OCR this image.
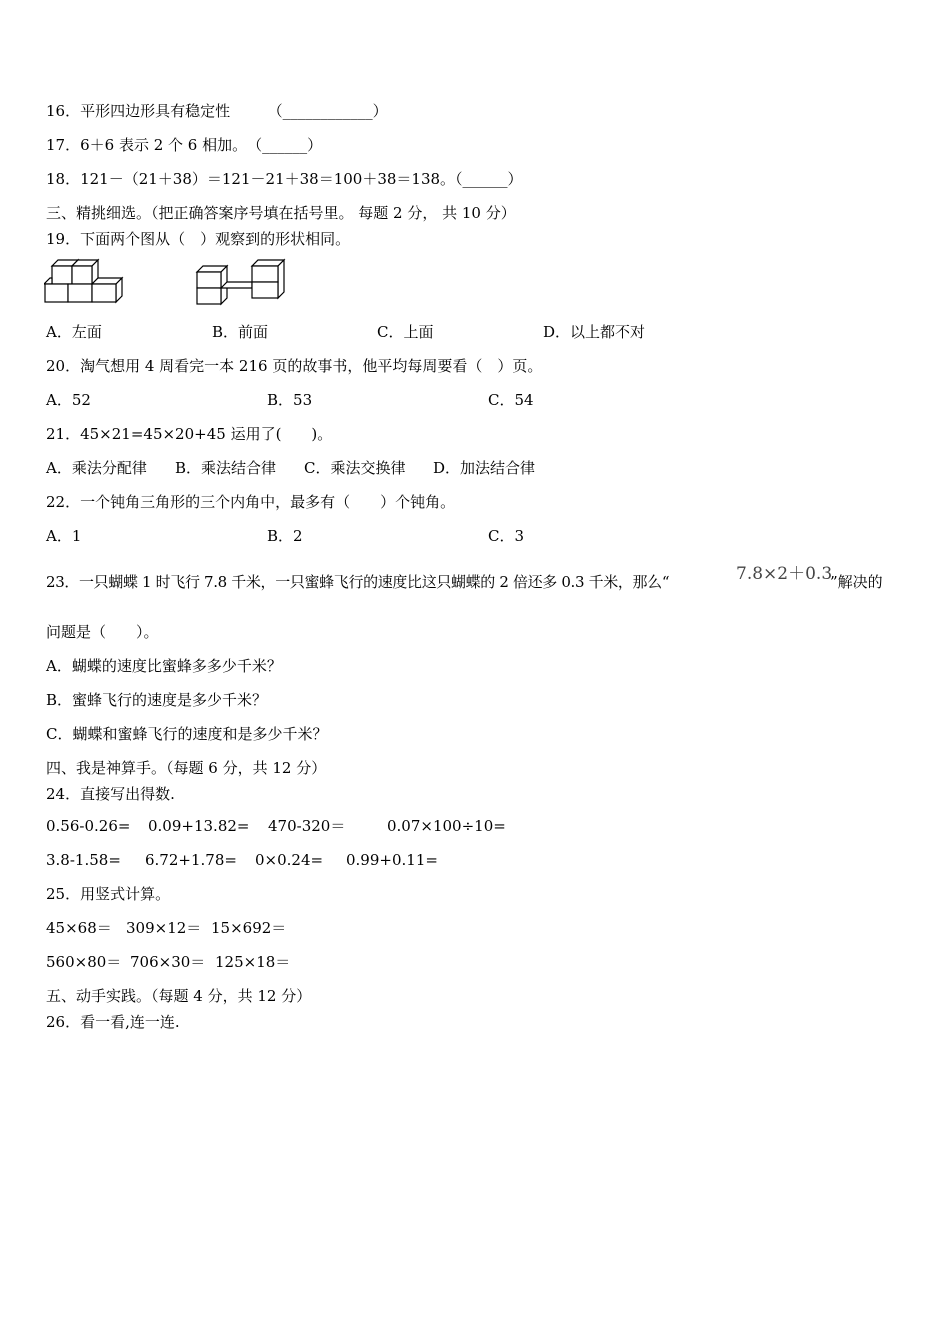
16．平形四边形具有稳定性　　　（____________）
17．6＋6 表示 2 个 6 相加。　（______）
18．121－（21＋38）＝121－21＋38＝100＋38＝138。（______）
三、精挑细选。（把正确答案序号填在括号里。 每题 2 分， 共 10 分）
19．下面两个图从（　）观察到的形状相同。
A．左面	B．前面	C．上面	D．以上都不对
20．淘气想用 4 周看完一本 216 页的故事书，他平均每周要看（　）页。
A．52	B．53	C．54
21．45×21=45×20+45 运用了(　　)。
A．乘法分配律 B．乘法结合律 C．乘法交换律 D．加法结合律
22．一个钝角三角形的三个内角中，最多有（　　）个钝角。
A．1	B．2	C．3
23．一只蝴蝶 1 时飞行 7.8 千米，一只蜜蜂飞行的速度比这只蝴蝶的 2 倍还多 0.3 千米，那么“	7.8×2＋0.3
”解决的
问题是（　　）。
A．蝴蝶的速度比蜜蜂多多少千米？
B．蜜蜂飞行的速度是多少千米？
C．蝴蝶和蜜蜂飞行的速度和是多少千米？
四、我是神算手。（每题 6 分，共 12 分）
24．直接写出得数.
0.56-0.26= 0.09+13.82= 470-320＝	0.07×100÷10=
3.8-1.58= 6.72+1.78= 0×0.24= 0.99+0.11=
25．用竖式计算。
45×68＝ 309×12＝ 15×692＝
560×80＝ 706×30＝ 125×18＝
五、动手实践。（每题 4 分，共 12 分）
26．看一看,连一连.
